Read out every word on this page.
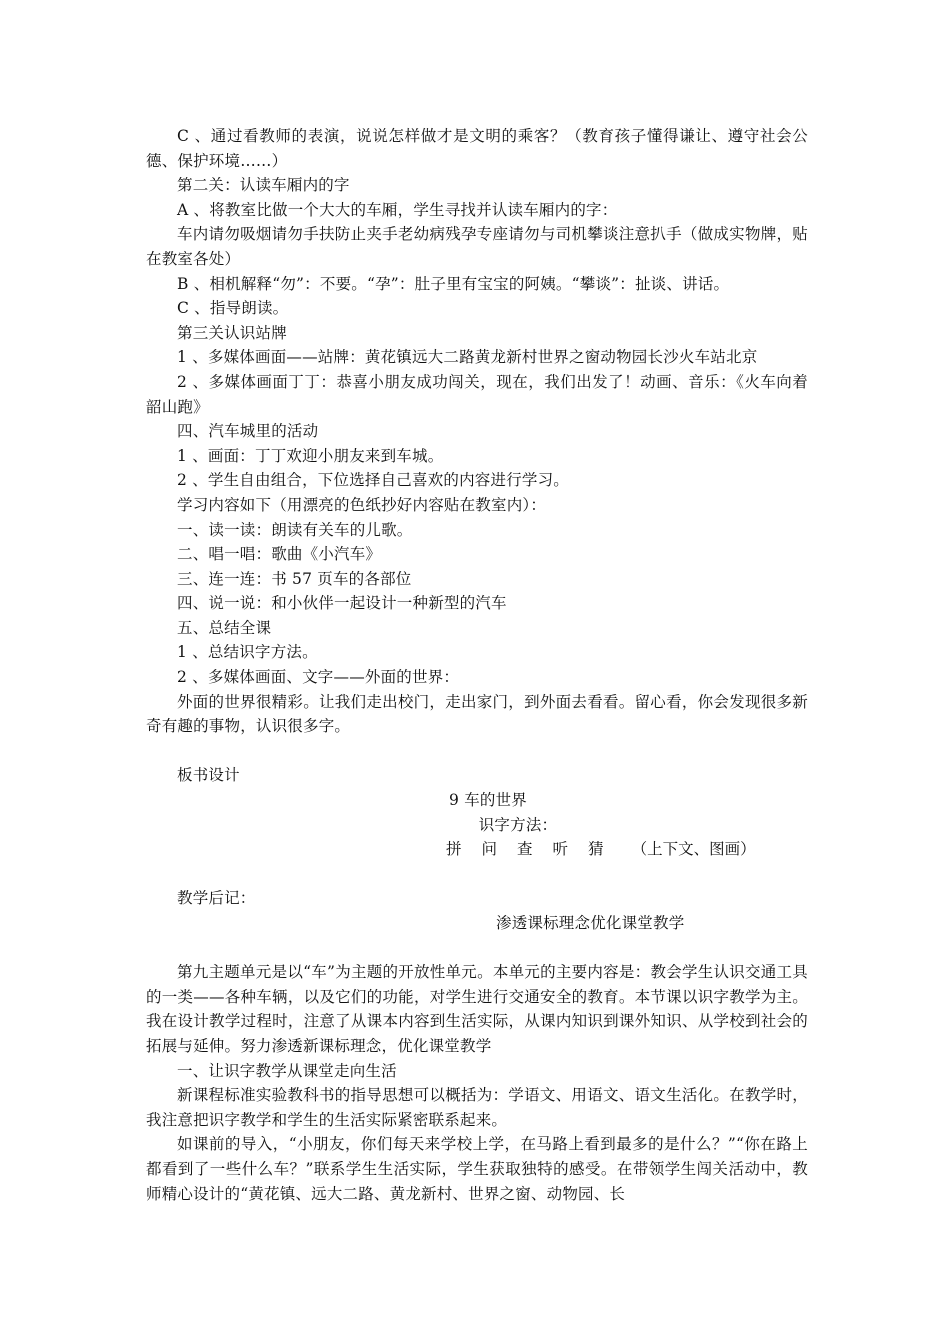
C 、通过看教师的表演，说说怎样做才是文明的乘客？（教育孩子懂得谦让、遵守社会公德、保护环境……）

第二关：认读车厢内的字

A 、将教室比做一个大大的车厢，学生寻找并认读车厢内的字：

车内请勿吸烟请勿手扶防止夹手老幼病残孕专座请勿与司机攀谈注意扒手（做成实物牌，贴在教室各处）

B 、相机解释“勿”：不要。“孕”：肚子里有宝宝的阿姨。“攀谈”：扯谈、讲话。

C 、指导朗读。

第三关认识站牌

1 、多媒体画面——站牌：黄花镇远大二路黄龙新村世界之窗动物园长沙火车站北京

2 、多媒体画面丁丁：恭喜小朋友成功闯关，现在，我们出发了！动画、音乐：《火车向着韶山跑》

四、汽车城里的活动

1 、画面：丁丁欢迎小朋友来到车城。

2 、学生自由组合，下位选择自己喜欢的内容进行学习。

学习内容如下（用漂亮的色纸抄好内容贴在教室内）：

一、读一读：朗读有关车的儿歌。

二、唱一唱：歌曲《小汽车》

三、连一连：书 57 页车的各部位

四、说一说：和小伙伴一起设计一种新型的汽车

五、总结全课

1 、总结识字方法。

2 、多媒体画面、文字——外面的世界：

外面的世界很精彩。让我们走出校门，走出家门，到外面去看看。留心看，你会发现很多新奇有趣的事物，认识很多字。

板书设计

9 车的世界

识字方法：

拼 问 查 听 猜 （上下文、图画）

教学后记：

渗透课标理念优化课堂教学

第九主题单元是以“车”为主题的开放性单元。本单元的主要内容是：教会学生认识交通工具的一类——各种车辆，以及它们的功能，对学生进行交通安全的教育。本节课以识字教学为主。我在设计教学过程时，注意了从课本内容到生活实际，从课内知识到课外知识、从学校到社会的拓展与延伸。努力渗透新课标理念，优化课堂教学

一、让识字教学从课堂走向生活

新课程标准实验教科书的指导思想可以概括为：学语文、用语文、语文生活化。在教学时，我注意把识字教学和学生的生活实际紧密联系起来。

如课前的导入，“小朋友，你们每天来学校上学，在马路上看到最多的是什么？”“你在路上都看到了一些什么车？”联系学生生活实际，学生获取独特的感受。在带领学生闯关活动中，教师精心设计的“黄花镇、远大二路、黄龙新村、世界之窗、动物园、长
